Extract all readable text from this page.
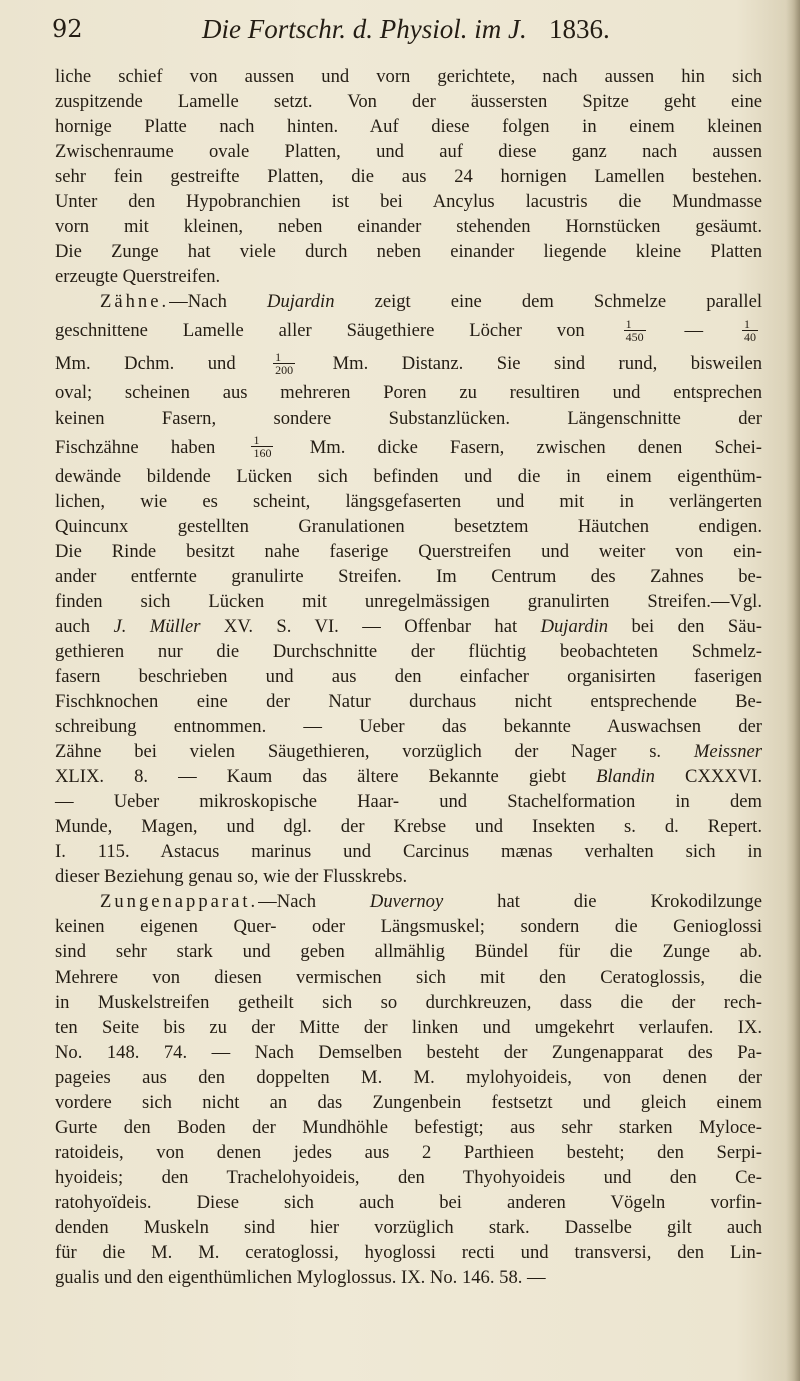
92	Die Fortschr. d. Physiol. im J. 1836.
liche schief von aussen und vorn gerichtete, nach aussen hin sich
zuspitzende Lamelle setzt. Von der äussersten Spitze geht eine
hornige Platte nach hinten. Auf diese folgen in einem kleinen
Zwischenraume ovale Platten, und auf diese ganz nach aussen
sehr fein gestreifte Platten, die aus 24 hornigen Lamellen bestehen.
Unter den Hypobranchien ist bei Ancylus lacustris die Mundmasse
vorn mit kleinen, neben einander stehenden Hornstücken gesäumt.
Die Zunge hat viele durch neben einander liegende kleine Platten
erzeugte Querstreifen.
Zähne.—Nach Dujardin zeigt eine dem Schmelze parallel
geschnittene Lamelle aller Säugethiere Löcher von $\frac{1}{450}$ — $\frac{1}{40}$
Mm. Dchm. und $\frac{1}{200} Mm$. Distanz. Sie sind rund, bisweilen
oval; scheinen aus mehreren Poren zu resultiren und entsprechen
keinen Fasern, sondere Substanzlücken. Längenschnitte der
Fischzähne haben $\frac{1}{160} Mm$. dicke Fasern, zwischen denen Schei-
dewände bildende Lücken sich befinden und die in einem eigenthüm-
lichen, wie es scheint, längsgefaserten und mit in verlängerten
Quincunx gestellten Granulationen besetztem Häutchen endigen.
Die Rinde besitzt nahe faserige Querstreifen und weiter von ein-
ander entfernte granulirte Streifen. Im Centrum des Zahnes be-
finden sich Lücken mit unregelmässigen granulirten Streifen.—Vgl.
auch J. Müller XV. S. VI. — Offenbar hat Dujardin bei den Säu-
gethieren nur die Durchschnitte der flüchtig beobachteten Schmelz-
fasern beschrieben und aus den einfacher organisirten faserigen
Fischknochen eine der Natur durchaus nicht entsprechende Be-
schreibung entnommen. — Ueber das bekannte Auswachsen der
Zähne bei vielen Säugethieren, vorzüglich der Nager s. Meissner
XLIX. 8. — Kaum das ältere Bekannte giebt Blandin CXXXVI.
— Ueber mikroskopische Haar- und Stachelformation in dem
Munde, Magen, und dgl. der Krebse und Insekten s. d. Repert.
I. 115. Astacus marinus und Carcinus mænas verhalten sich in
dieser Beziehung genau so, wie der Flusskrebs.
Zungenapparat.—Nach Duvernoy hat die Krokodilzunge
keinen eigenen Quer- oder Längsmuskel; sondern die Genioglossi
sind sehr stark und geben allmählig Bündel für die Zunge ab.
Mehrere von diesen vermischen sich mit den Ceratoglossis, die
in Muskelstreifen getheilt sich so durchkreuzen, dass die der rech-
ten Seite bis zu der Mitte der linken und umgekehrt verlaufen. IX.
No. 148. 74. — Nach Demselben besteht der Zungenapparat des Pa-
pageies aus den doppelten M. M. mylohyoideis, von denen der
vordere sich nicht an das Zungenbein festsetzt und gleich einem
Gurte den Boden der Mundhöhle befestigt; aus sehr starken Myloce-
ratoideis, von denen jedes aus 2 Parthieen besteht; den Serpi-
hyoideis; den Trachelohyoideis, den Thyohyoideis und den Ce-
ratohyoïdeis. Diese sich auch bei anderen Vögeln vorfin-
denden Muskeln sind hier vorzüglich stark. Dasselbe gilt auch
für die M. M. ceratoglossi, hyoglossi recti und transversi, den Lin-
gualis und den eigenthümlichen Myloglossus. IX. No. 146. 58. —
